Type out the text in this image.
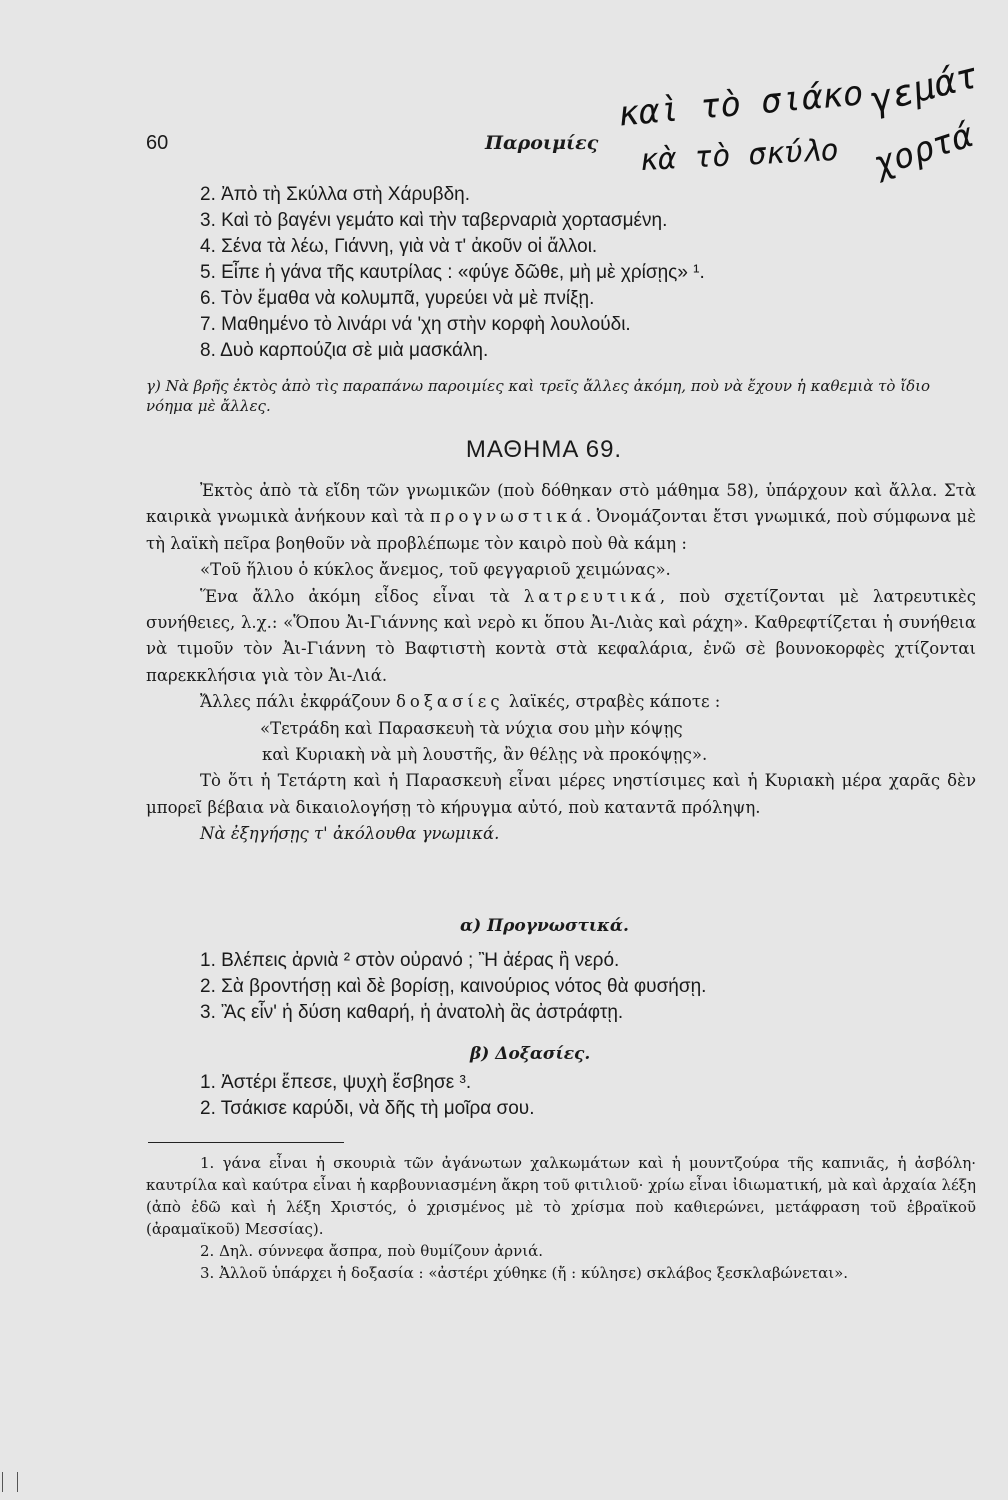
60	Παροιμίες
καὶ τὸ σιάκο
κὰ τὸ σκύλο
γεμάτ
χορτά
2. Ἀπὸ τὴ Σκύλλα στὴ Χάρυβδη.
3. Καὶ τὸ βαγένι γεμάτο καὶ τὴν ταβερναριὰ χορτασμένη.
4. Σένα τὰ λέω, Γιάννη, γιὰ νὰ τ' ἀκοῦν οἱ ἄλλοι.
5. Εἶπε ἡ γάνα τῆς καυτρίλας : «φύγε δῶθε, μὴ μὲ χρίσῃς» ¹.
6. Τὸν ἔμαθα νὰ κολυμπᾶ, γυρεύει νὰ μὲ πνίξῃ.
7. Μαθημένο τὸ λινάρι νά 'χη στὴν κορφὴ λουλούδι.
8. Δυὸ καρπούζια σὲ μιὰ μασκάλη.
γ) Νὰ βρῆς ἐκτὸς ἀπὸ τὶς παραπάνω παροιμίες καὶ τρεῖς ἄλλες ἀκόμη, ποὺ νὰ ἔχουν ἡ καθεμιὰ τὸ ἴδιο νόημα μὲ ἄλλες.
ΜΑΘΗΜΑ 69.

Ἐκτὸς ἀπὸ τὰ εἴδη τῶν γνωμικῶν (ποὺ δόθηκαν στὸ μάθημα 58), ὑπάρχουν καὶ ἄλλα. Στὰ καιρικὰ γνωμικὰ ἀνήκουν καὶ τὰ προγνωστικά. Ὀνομάζονται ἔτσι γνωμικά, ποὺ σύμφωνα μὲ τὴ λαϊκὴ πεῖρα βοηθοῦν νὰ προβλέπωμε τὸν καιρὸ ποὺ θὰ κάμη :

«Τοῦ ἥλιου ὁ κύκλος ἄνεμος, τοῦ φεγγαριοῦ χειμώνας».

Ἕνα ἄλλο ἀκόμη εἶδος εἶναι τὰ λατρευτικά, ποὺ σχετίζονται μὲ λατρευτικὲς συνήθειες, λ.χ.: «Ὅπου Ἀι-Γιάννης καὶ νερὸ κι ὅπου Ἀι-Λιὰς καὶ ράχη». Καθρεφτίζεται ἡ συνήθεια νὰ τιμοῦν τὸν Ἀι-Γιάννη τὸ Βαφτιστὴ κοντὰ στὰ κεφαλάρια, ἐνῶ σὲ βουνοκορφὲς χτίζονται παρεκκλήσια γιὰ τὸν Ἀι-Λιά.

Ἄλλες πάλι ἐκφράζουν δοξασίες λαϊκές, στραβὲς κάποτε :

«Τετράδη καὶ Παρασκευὴ τὰ νύχια σου μὴν κόψῃς

καὶ Κυριακὴ νὰ μὴ λουστῆς, ἂν θέλῃς νὰ προκόψῃς».

Τὸ ὅτι ἡ Τετάρτη καὶ ἡ Παρασκευὴ εἶναι μέρες νηστίσιμες καὶ ἡ Κυριακὴ μέρα χαρᾶς δὲν μπορεῖ βέβαια νὰ δικαιολογήσῃ τὸ κήρυγμα αὐτό, ποὺ καταντᾶ πρόληψη.

Νὰ ἐξηγήσῃς τ' ἀκόλουθα γνωμικά.

α) Προγνωστικά.
1. Βλέπεις ἀρνιὰ ² στὸν οὐρανό ; Ἢ ἀέρας ἢ νερό.
2. Σὰ βροντήσῃ καὶ δὲ βορίσῃ, καινούριος νότος θὰ φυσήσῃ.
3. Ἂς εἶν' ἡ δύση καθαρή, ἡ ἀνατολὴ ἂς ἀστράφτῃ.
β) Δοξασίες.
1. Ἀστέρι ἔπεσε, ψυχὴ ἔσβησε ³.
2. Τσάκισε καρύδι, νὰ δῆς τὴ μοῖρα σου.

1. γάνα εἶναι ἡ σκουριὰ τῶν ἀγάνωτων χαλκωμάτων καὶ ἡ μουντζούρα τῆς καπνιᾶς, ἡ ἀσβόλη· καυτρίλα καὶ καύτρα εἶναι ἡ καρβουνιασμένη ἄκρη τοῦ φιτιλιοῦ· χρίω εἶναι ἰδιωματική, μὰ καὶ ἀρχαία λέξη (ἀπὸ ἐδῶ καὶ ἡ λέξη Χριστός, ὁ χρισμένος μὲ τὸ χρίσμα ποὺ καθιερώνει, μετάφραση τοῦ ἑβραϊκοῦ (ἀραμαϊκοῦ) Μεσσίας).

2. Δηλ. σύννεφα ἄσπρα, ποὺ θυμίζουν ἀρνιά.

3. Ἀλλοῦ ὑπάρχει ἡ δοξασία : «ἀστέρι χύθηκε (ἤ : κύλησε) σκλάβος ξεσκλαβώνεται».
